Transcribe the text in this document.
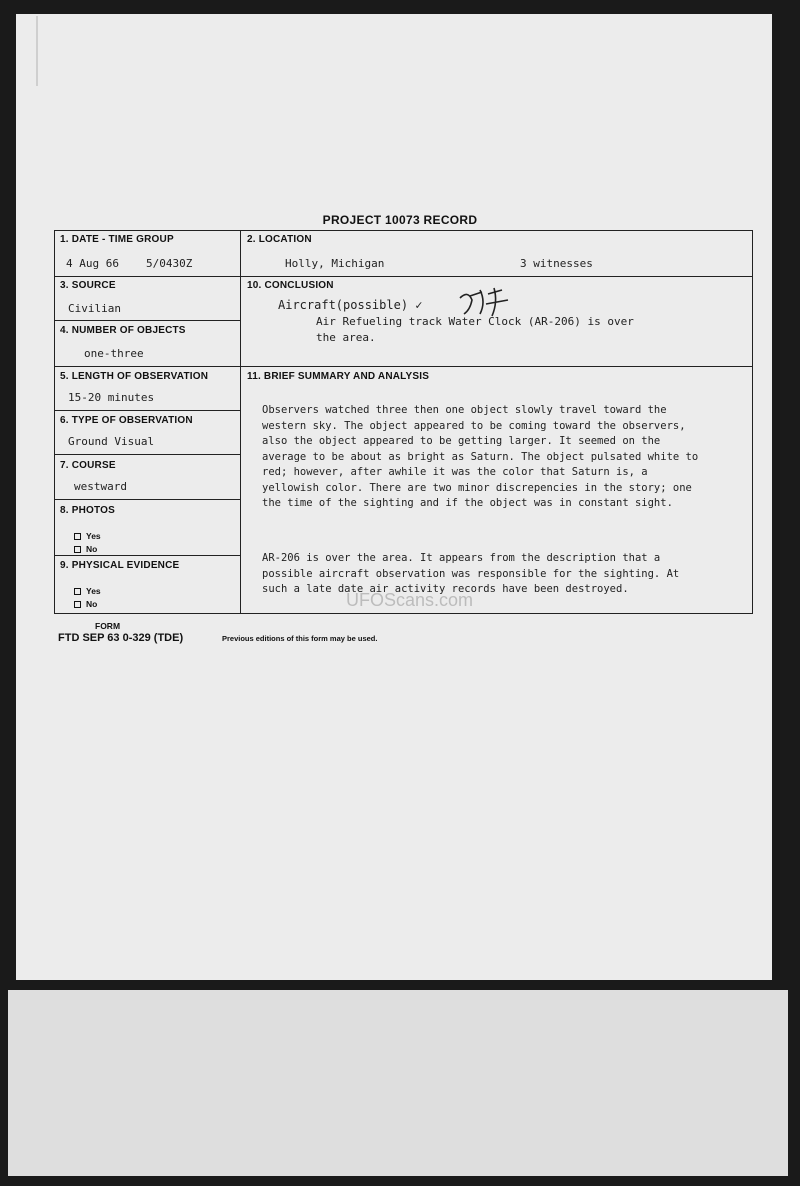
PROJECT 10073 RECORD
1. DATE - TIME GROUP
4 Aug 66 5/0430Z
2. LOCATION
Holly, Michigan	3 witnesses
3. SOURCE
Civilian
4. NUMBER OF OBJECTS
one-three
5. LENGTH OF OBSERVATION
15-20 minutes
6. TYPE OF OBSERVATION
Ground Visual
7. COURSE
westward
8. PHOTOS
Yes
No
9. PHYSICAL EVIDENCE
Yes
No
10. CONCLUSION
Aircraft(possible) ✓
Air Refueling track Water Clock (AR-206) is over
the area.
11. BRIEF SUMMARY AND ANALYSIS
Observers watched three then one object slowly travel toward the western sky. The object appeared to be coming toward the observers, also the object appeared to be getting larger. It seemed on the average to be about as bright as Saturn. The object pulsated white to red; however, after awhile it was the color that Saturn is, a yellowish color. There are two minor discrepencies in the story; one the time of the sighting and if the object was in constant sight.
AR-206 is over the area. It appears from the description that a possible aircraft observation was responsible for the sighting. At such a late date air activity records have been destroyed.
UFOScans.com
FORM
FTD SEP 63 0-329 (TDE)	Previous editions of this form may be used.
